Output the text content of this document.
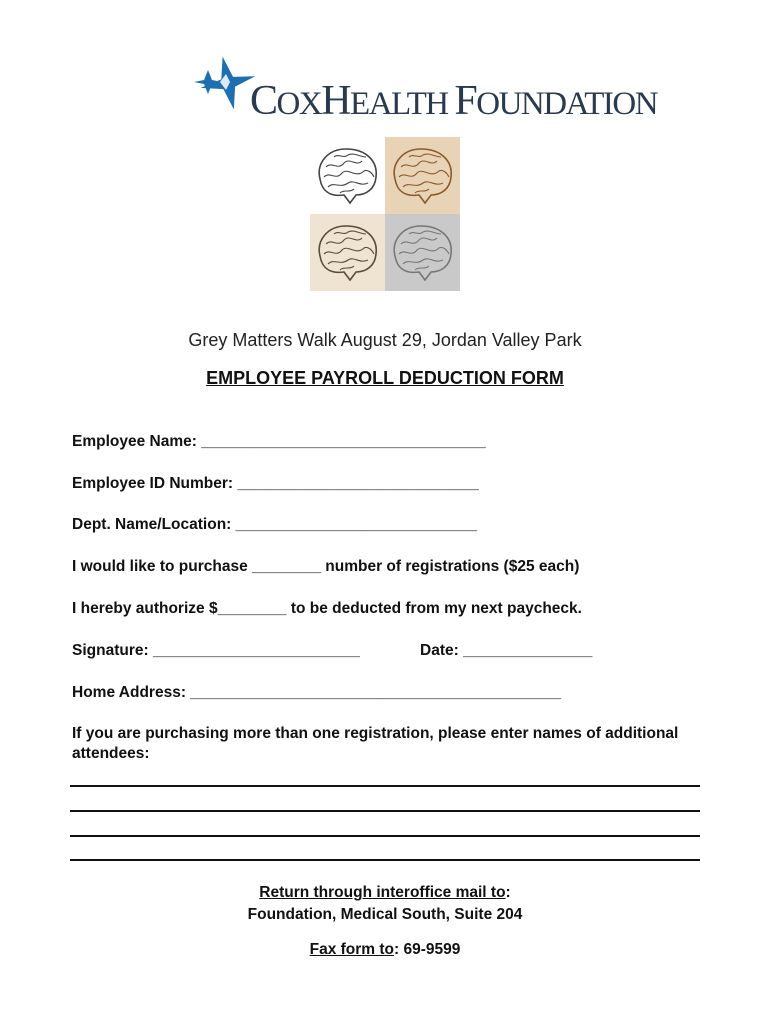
COXHEALTH FOUNDATION
Grey Matters Walk August 29, Jordan Valley Park
EMPLOYEE PAYROLL DEDUCTION FORM
Employee Name: _________________________________
Employee ID Number: ____________________________
Dept. Name/Location: ____________________________
I would like to purchase ________ number of registrations ($25 each)
I hereby authorize $________ to be deducted from my next paycheck.
Signature: ________________________	Date: _______________
Home Address: ___________________________________________
If you are purchasing more than one registration, please enter names of additional attendees:
Return through interoffice mail to:
Foundation, Medical South, Suite 204
Fax form to: 69-9599
